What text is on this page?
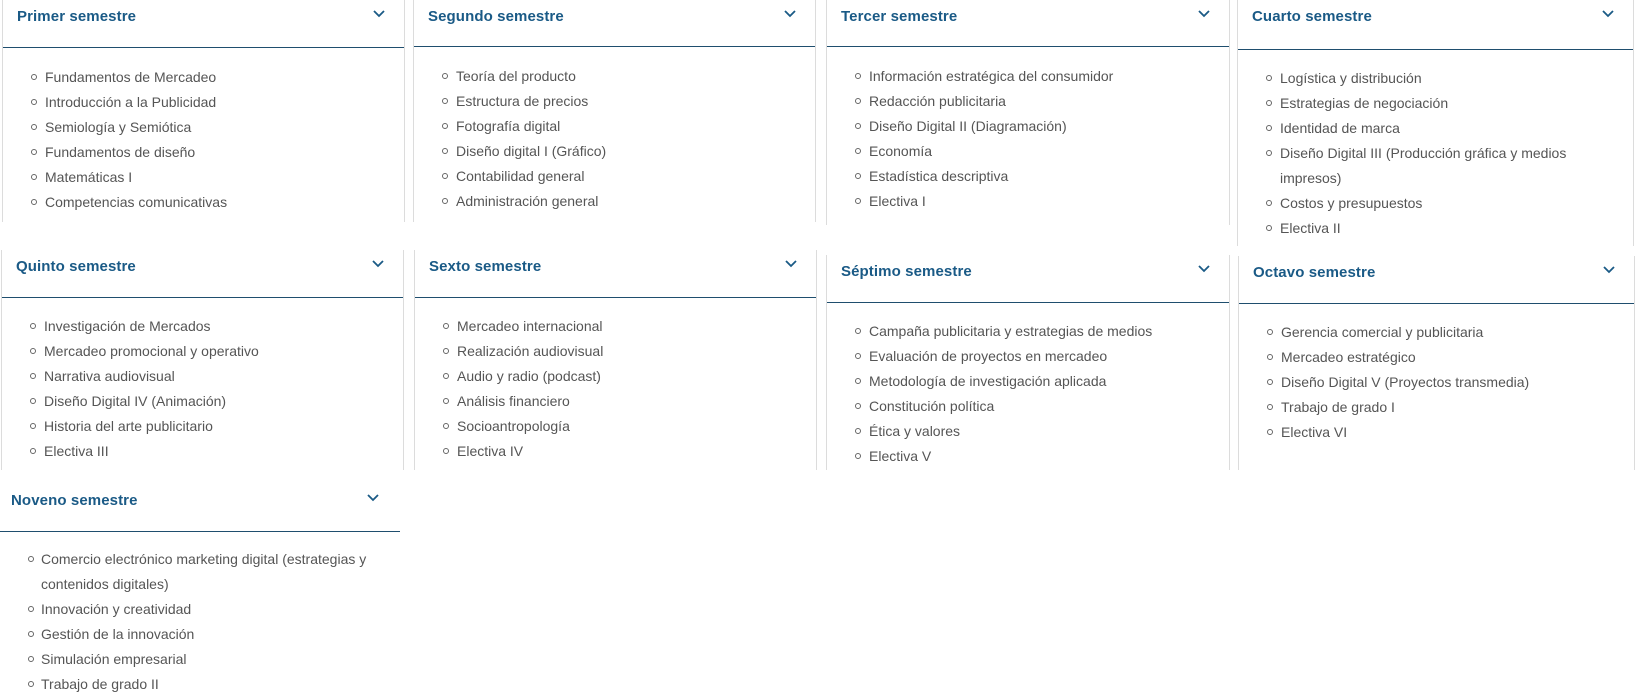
Primer semestre
Fundamentos de Mercadeo
Introducción a la Publicidad
Semiología y Semiótica
Fundamentos de diseño
Matemáticas I
Competencias comunicativas
Segundo semestre
Teoría del producto
Estructura de precios
Fotografía digital
Diseño digital I (Gráfico)
Contabilidad general
Administración general
Tercer semestre
Información estratégica del consumidor
Redacción publicitaria
Diseño Digital II (Diagramación)
Economía
Estadística descriptiva
Electiva I
Cuarto semestre
Logística y distribución
Estrategias de negociación
Identidad de marca
Diseño Digital III (Producción gráfica y medios impresos)
Costos y presupuestos
Electiva II
Quinto semestre
Investigación de Mercados
Mercadeo promocional y operativo
Narrativa audiovisual
Diseño Digital IV (Animación)
Historia del arte publicitario
Electiva III
Sexto semestre
Mercadeo internacional
Realización audiovisual
Audio y radio (podcast)
Análisis financiero
Socioantropología
Electiva IV
Séptimo semestre
Campaña publicitaria y estrategias de medios
Evaluación de proyectos en mercadeo
Metodología de investigación aplicada
Constitución política
Ética y valores
Electiva V
Octavo semestre
Gerencia comercial y publicitaria
Mercadeo estratégico
Diseño Digital V (Proyectos transmedia)
Trabajo de grado I
Electiva VI
Noveno semestre
Comercio electrónico marketing digital (estrategias y contenidos digitales)
Innovación y creatividad
Gestión de la innovación
Simulación empresarial
Trabajo de grado II
